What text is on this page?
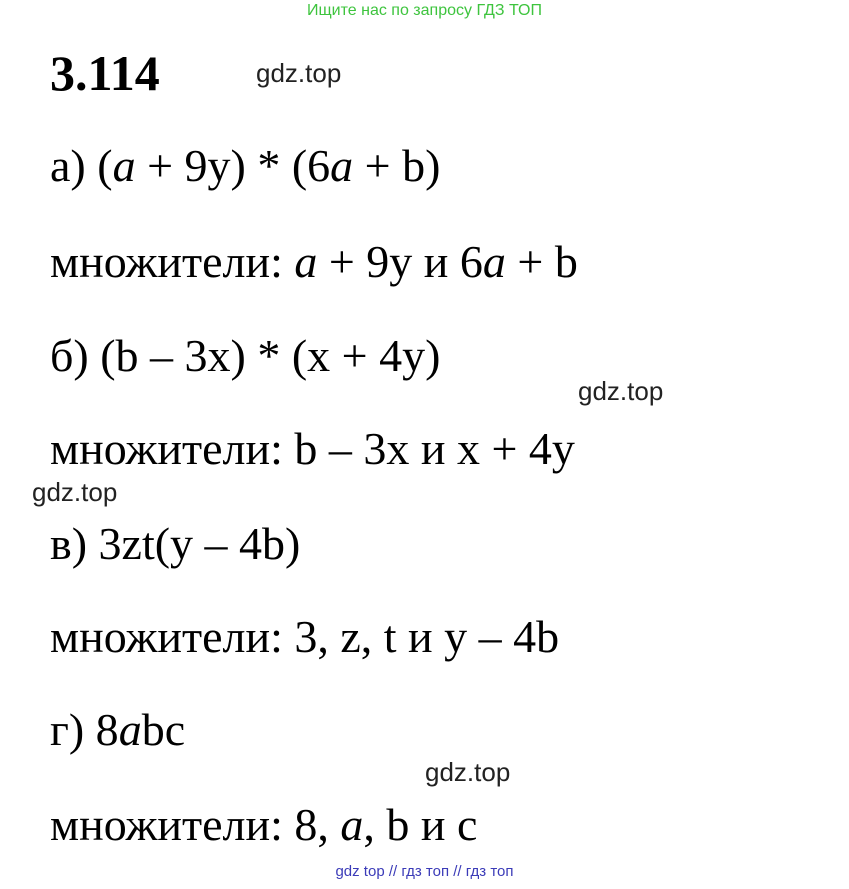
Ищите нас по запросу ГДЗ ТОП
3.114	gdz.top
gdz.top
gdz.top
gdz.top
а) (a + 9y) * (6a + b)
множители: a + 9y и 6a + b
б) (b – 3x) * (x + 4y)
множители: b – 3x и x + 4y
в) 3zt(y – 4b)
множители: 3, z, t и y – 4b
г) 8abc
множители: 8, a, b и c
gdz top // гдз топ // гдз топ
